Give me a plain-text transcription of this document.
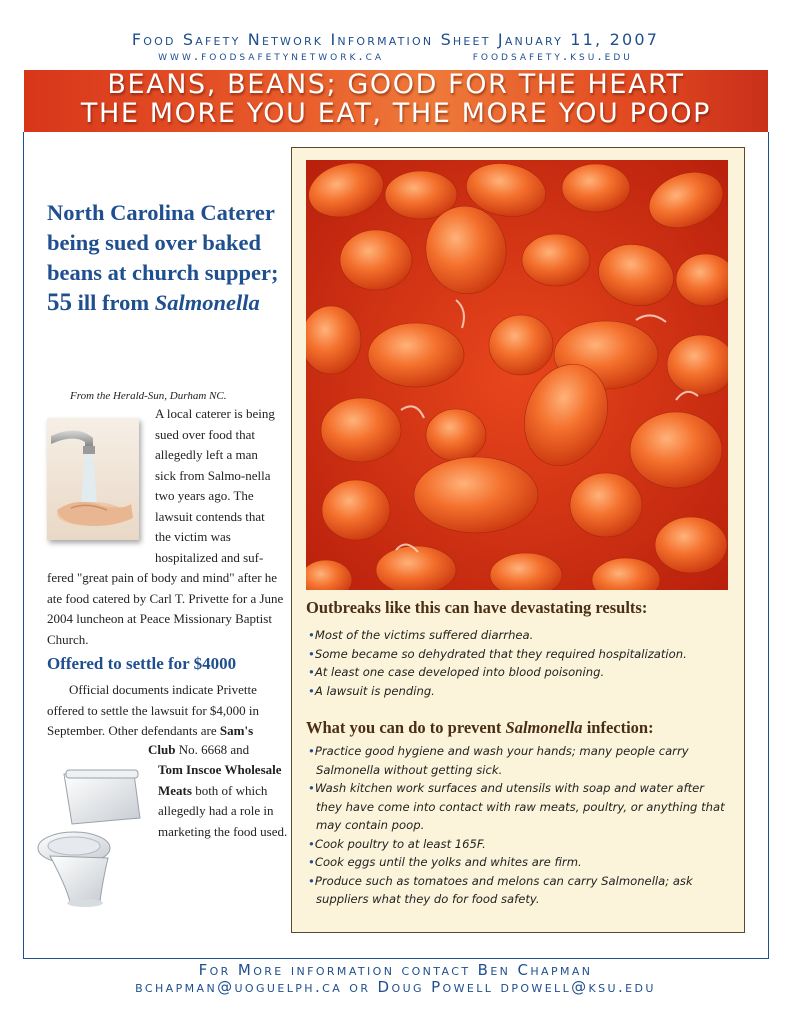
Food Safety Network Information Sheet January 11, 2007
www.foodsafetynetwork.ca	foodsafety.ksu.edu
BEANS, BEANS; GOOD FOR THE HEART
THE MORE YOU EAT, THE MORE YOU POOP
North Carolina Caterer being sued over baked beans at church supper; 55 ill from Salmonella
From the Herald-Sun, Durham NC.
A local caterer is being sued over food that allegedly left a man sick from Salmo-nella two years ago. The lawsuit contends that the victim was hospitalized and suf-
fered "great pain of body and mind" after he ate food catered by Carl T. Privette for a June 2004 luncheon at Peace Missionary Baptist Church.
Offered to settle for $4000
Official documents indicate Privette offered to settle the lawsuit for $4,000 in September. Other defendants are Sam's
Club No. 6668 and
Tom Inscoe Wholesale Meats both of which allegedly had a role in marketing the food used.
Outbreaks like this can have devastating results:
•Most of the victims suffered diarrhea.
•Some became so dehydrated that they required hospitalization.
•At least one case developed into blood poisoning.
•A lawsuit is pending.
What you can do to prevent Salmonella infection:
•Practice good hygiene and wash your hands; many people carry Salmonella without getting sick.
•Wash kitchen work surfaces and utensils with soap and water after they have come into contact with raw meats, poultry, or anything that may contain poop.
•Cook poultry to at least 165F.
•Cook eggs until the yolks and whites are firm.
•Produce such as tomatoes and melons can carry Salmonella; ask suppliers what they do for food safety.
For More information contact Ben Chapman
bchapman@uoguelph.ca or Doug Powell dpowell@ksu.edu
